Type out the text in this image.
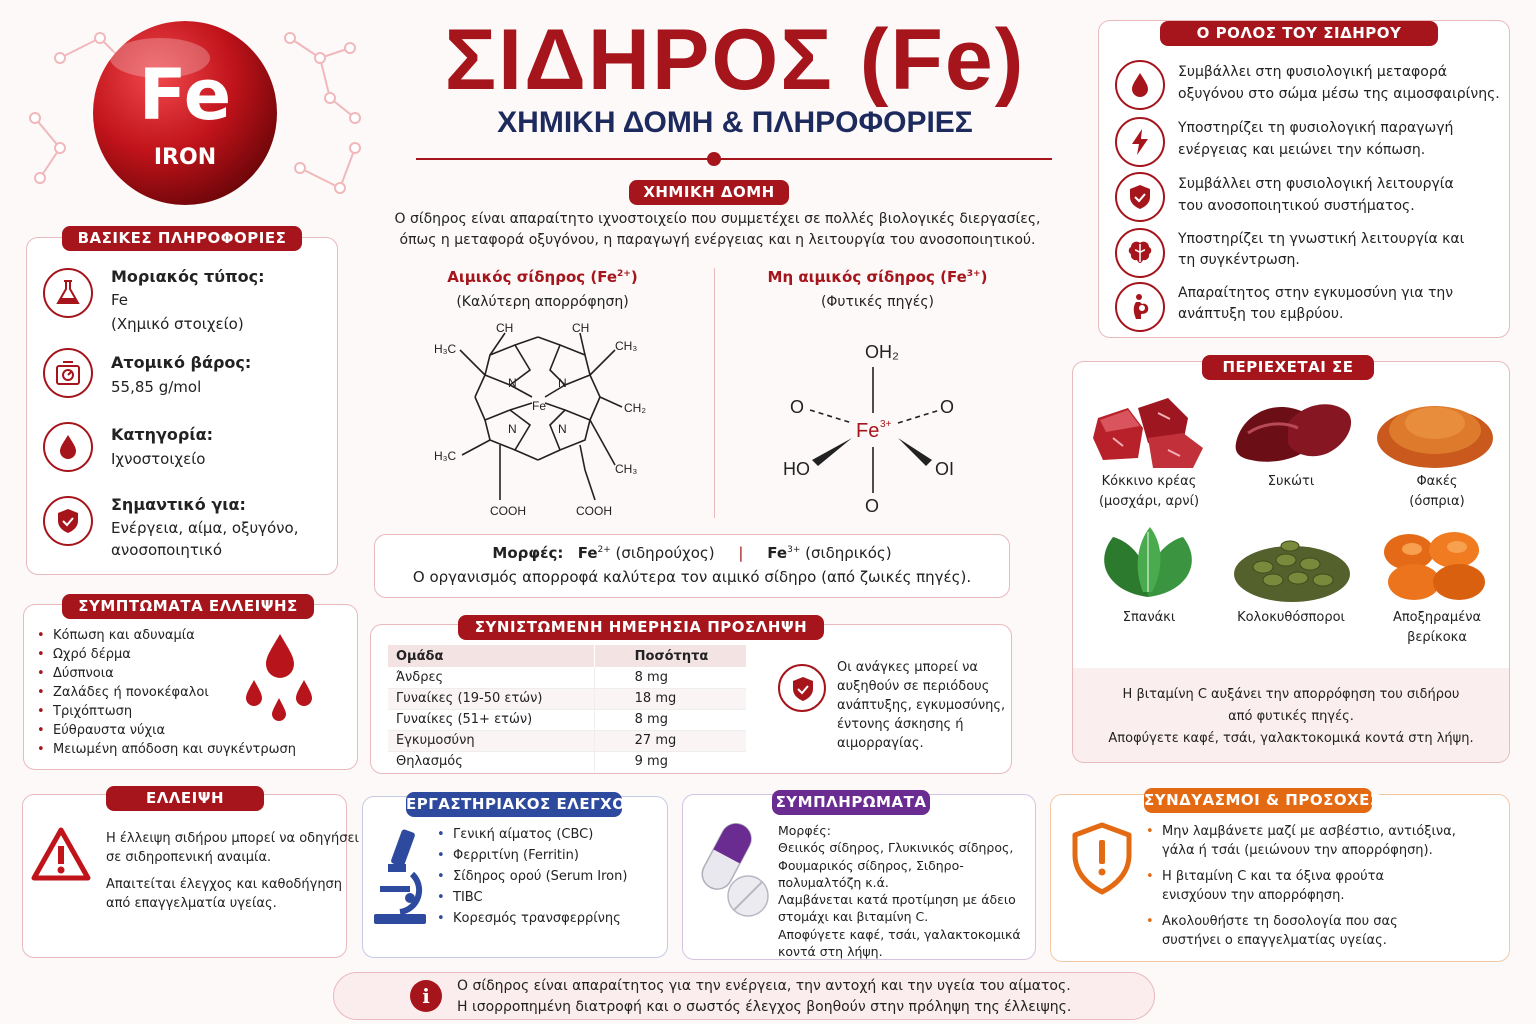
Fe
IRON
ΣΙΔΗΡΟΣ (Fe)
ΧΗΜΙΚΗ ΔΟΜΗ & ΠΛΗΡΟΦΟΡΙΕΣ
ΒΑΣΙΚΕΣ ΠΛΗΡΟΦΟΡΙΕΣ
Μοριακός τύπος:
Fe
(Χημικό στοιχείο)
Ατομικό βάρος:
55,85 g/mol
Κατηγορία:
Ιχνοστοιχείο
Σημαντικό για:
Ενέργεια, αίμα, οξυγόνο,
ανοσοποιητικό
ΧΗΜΙΚΗ ΔΟΜΗ
Ο σίδηρος είναι απαραίτητο ιχνοστοιχείο που συμμετέχει σε πολλές βιολογικές διεργασίες,
όπως η μεταφορά οξυγόνου, η παραγωγή ενέργειας και η λειτουργία του ανοσοποιητικού.
Αιμικός σίδηρος $(Fe^{2+})$
(Καλύτερη απορρόφηση)
Μη αιμικός σίδηρος $(Fe^{3+})$
(Φυτικές πηγές)
CH	CH
H₃C	CH₃
CH₂
H₃C
CH₃
Fe
N	N
N	N
COOH	COOH
OH₂
O	O
HO	OI
O
Fe 3+
Μορφές: $Fe^{2+}$ (σιδηρούχος) | $Fe^{3+}$ (σιδηρικός)
Ο οργανισμός απορροφά καλύτερα τον αιμικό σίδηρο (από ζωικές πηγές).
Ο ΡΟΛΟΣ ΤΟΥ ΣΙΔΗΡΟΥ
Συμβάλλει στη φυσιολογική μεταφορά
οξυγόνου στο σώμα μέσω της αιμοσφαιρίνης.
Υποστηρίζει τη φυσιολογική παραγωγή
ενέργειας και μειώνει την κόπωση.
Συμβάλλει στη φυσιολογική λειτουργία
του ανοσοποιητικού συστήματος.
Υποστηρίζει τη γνωστική λειτουργία και
τη συγκέντρωση.
Απαραίτητος στην εγκυμοσύνη για την
ανάπτυξη του εμβρύου.
ΠΕΡΙΕΧΕΤΑΙ ΣΕ
Κόκκινο κρέας
(μοσχάρι, αρνί)
Συκώτι	Φακές
(όσπρια)
Σπανάκι	Κολοκυθόσποροι	Αποξηραμένα
βερίκοκα
Η βιταμίνη C αυξάνει την απορρόφηση του σιδήρου
από φυτικές πηγές.
Αποφύγετε καφέ, τσάι, γαλακτοκομικά κοντά στη λήψη.
ΣΥΜΠΤΩΜΑΤΑ ΕΛΛΕΙΨΗΣ
• Κόπωση και αδυναμία
• Ωχρό δέρμα
• Δύσπνοια
• Ζαλάδες ή πονοκέφαλοι
• Τριχόπτωση
• Εύθραυστα νύχια
• Μειωμένη απόδοση και συγκέντρωση
ΣΥΝΙΣΤΩΜΕΝΗ ΗΜΕΡΗΣΙΑ ΠΡΟΣΛΗΨΗ
Ομάδα	Ποσότητα
Άνδρες	8 mg
Γυναίκες (19-50 ετών)	18 mg
Γυναίκες (51+ ετών)	8 mg
Εγκυμοσύνη	27 mg
Θηλασμός	9 mg
Οι ανάγκες μπορεί να
αυξηθούν σε περιόδους
ανάπτυξης, εγκυμοσύνης,
έντονης άσκησης ή
αιμορραγίας.
ΕΛΛΕΙΨΗ
Η έλλειψη σιδήρου μπορεί να οδηγήσει
σε σιδηροπενική αναιμία.
Απαιτείται έλεγχος και καθοδήγηση
από επαγγελματία υγείας.
ΕΡΓΑΣΤΗΡΙΑΚΟΣ ΕΛΕΓΧΟΣ
• Γενική αίματος (CBC)
• Φερριτίνη (Ferritin)
• Σίδηρος ορού (Serum Iron)
• TIBC
• Κορεσμός τρανσφερρίνης
ΣΥΜΠΛΗΡΩΜΑΤΑ
Μορφές:
Θειικός σίδηρος, Γλυκινικός σίδηρος,
Φουμαρικός σίδηρος, Σιδηρο-
πολυμαλτόζη κ.ά.
Λαμβάνεται κατά προτίμηση με άδειο
στομάχι και βιταμίνη C.
Αποφύγετε καφέ, τσάι, γαλακτοκομικά
κοντά στη λήψη.
ΣΥΝΔΥΑΣΜΟΙ & ΠΡΟΣΟΧΕΣ
• Μην λαμβάνετε μαζί με ασβέστιο, αντιόξινα,
γάλα ή τσάι (μειώνουν την απορρόφηση).
• Η βιταμίνη C και τα όξινα φρούτα
ενισχύουν την απορρόφηση.
• Ακολουθήστε τη δοσολογία που σας
συστήνει ο επαγγελματίας υγείας.
i	Ο σίδηρος είναι απαραίτητος για την ενέργεια, την αντοχή και την υγεία του αίματος.
Η ισορροπημένη διατροφή και ο σωστός έλεγχος βοηθούν στην πρόληψη της έλλειψης.
